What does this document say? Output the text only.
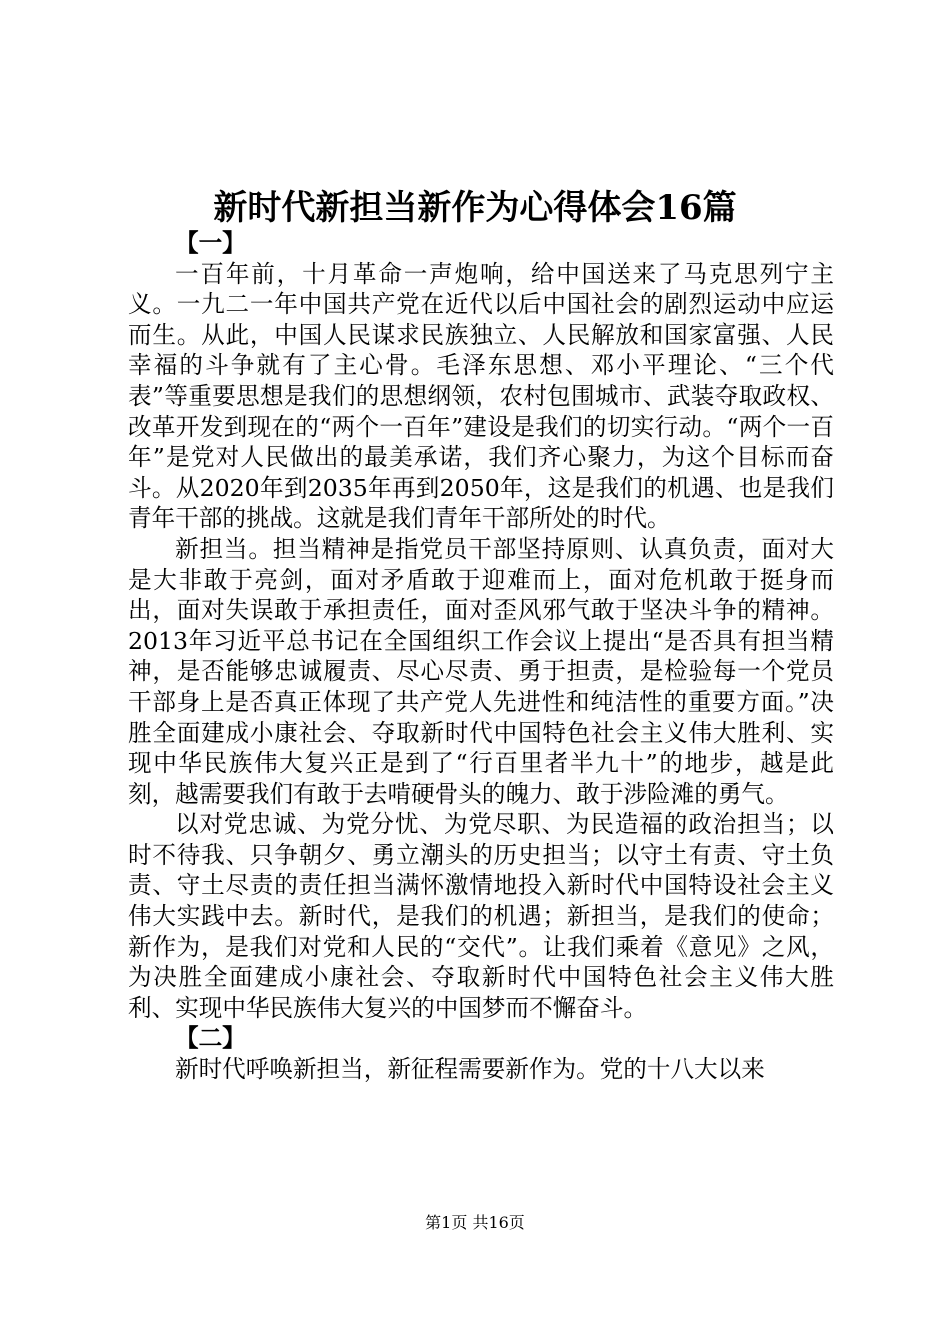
新时代新担当新作为心得体会16篇

【一】

一百年前，十月革命一声炮响，给中国送来了马克思列宁主义。一九二一年中国共产党在近代以后中国社会的剧烈运动中应运而生。从此，中国人民谋求民族独立、人民解放和国家富强、人民幸福的斗争就有了主心骨。毛泽东思想、邓小平理论、“三个代表”等重要思想是我们的思想纲领，农村包围城市、武装夺取政权、改革开发到现在的“两个一百年”建设是我们的切实行动。“两个一百年”是党对人民做出的最美承诺，我们齐心聚力，为这个目标而奋斗。从2020年到2035年再到2050年，这是我们的机遇、也是我们青年干部的挑战。这就是我们青年干部所处的时代。

新担当。担当精神是指党员干部坚持原则、认真负责，面对大是大非敢于亮剑，面对矛盾敢于迎难而上，面对危机敢于挺身而出，面对失误敢于承担责任，面对歪风邪气敢于坚决斗争的精神。2013年习近平总书记在全国组织工作会议上提出“是否具有担当精神，是否能够忠诚履责、尽心尽责、勇于担责，是检验每一个党员干部身上是否真正体现了共产党人先进性和纯洁性的重要方面。”决胜全面建成小康社会、夺取新时代中国特色社会主义伟大胜利、实现中华民族伟大复兴正是到了“行百里者半九十”的地步，越是此刻，越需要我们有敢于去啃硬骨头的魄力、敢于涉险滩的勇气。

以对党忠诚、为党分忧、为党尽职、为民造福的政治担当；以时不待我、只争朝夕、勇立潮头的历史担当；以守土有责、守土负责、守土尽责的责任担当满怀激情地投入新时代中国特设社会主义伟大实践中去。新时代，是我们的机遇；新担当，是我们的使命；新作为，是我们对党和人民的“交代”。让我们乘着《意见》之风，为决胜全面建成小康社会、夺取新时代中国特色社会主义伟大胜利、实现中华民族伟大复兴的中国梦而不懈奋斗。

【二】

新时代呼唤新担当，新征程需要新作为。党的十八大以来

第1页 共16页
